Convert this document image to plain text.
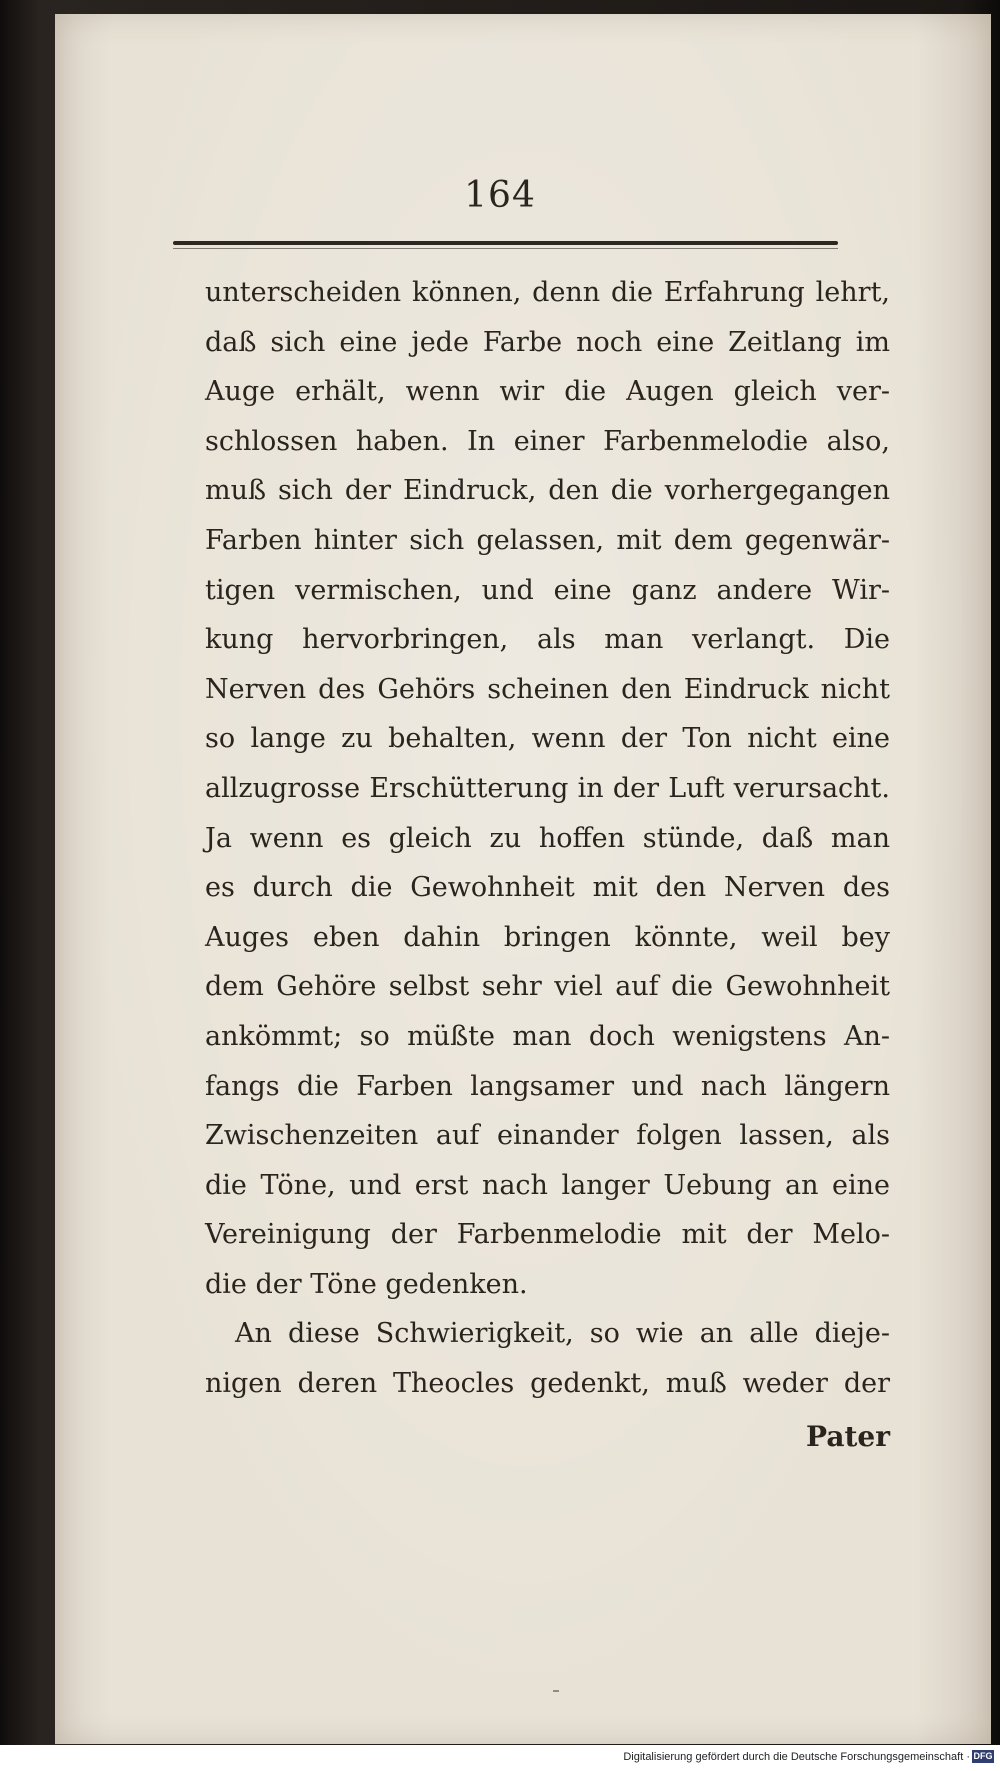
164
unterscheiden können, denn die Erfahrung lehrt,
daß sich eine jede Farbe noch eine Zeitlang im
Auge erhält, wenn wir die Augen gleich ver-
schlossen haben. In einer Farbenmelodie also,
muß sich der Eindruck, den die vorhergegangen
Farben hinter sich gelassen, mit dem gegenwär-
tigen vermischen, und eine ganz andere Wir-
kung hervorbringen, als man verlangt. Die
Nerven des Gehörs scheinen den Eindruck nicht
so lange zu behalten, wenn der Ton nicht eine
allzugrosse Erschütterung in der Luft verursacht.
Ja wenn es gleich zu hoffen stünde, daß man
es durch die Gewohnheit mit den Nerven des
Auges eben dahin bringen könnte, weil bey
dem Gehöre selbst sehr viel auf die Gewohnheit
ankömmt; so müßte man doch wenigstens An-
fangs die Farben langsamer und nach längern
Zwischenzeiten auf einander folgen lassen, als
die Töne, und erst nach langer Uebung an eine
Vereinigung der Farbenmelodie mit der Melo-
die der Töne gedenken.
An diese Schwierigkeit, so wie an alle dieje-
nigen deren Theocles gedenkt, muß weder der
Pater
Digitalisierung gefördert durch die Deutsche Forschungsgemeinschaft · DFG
